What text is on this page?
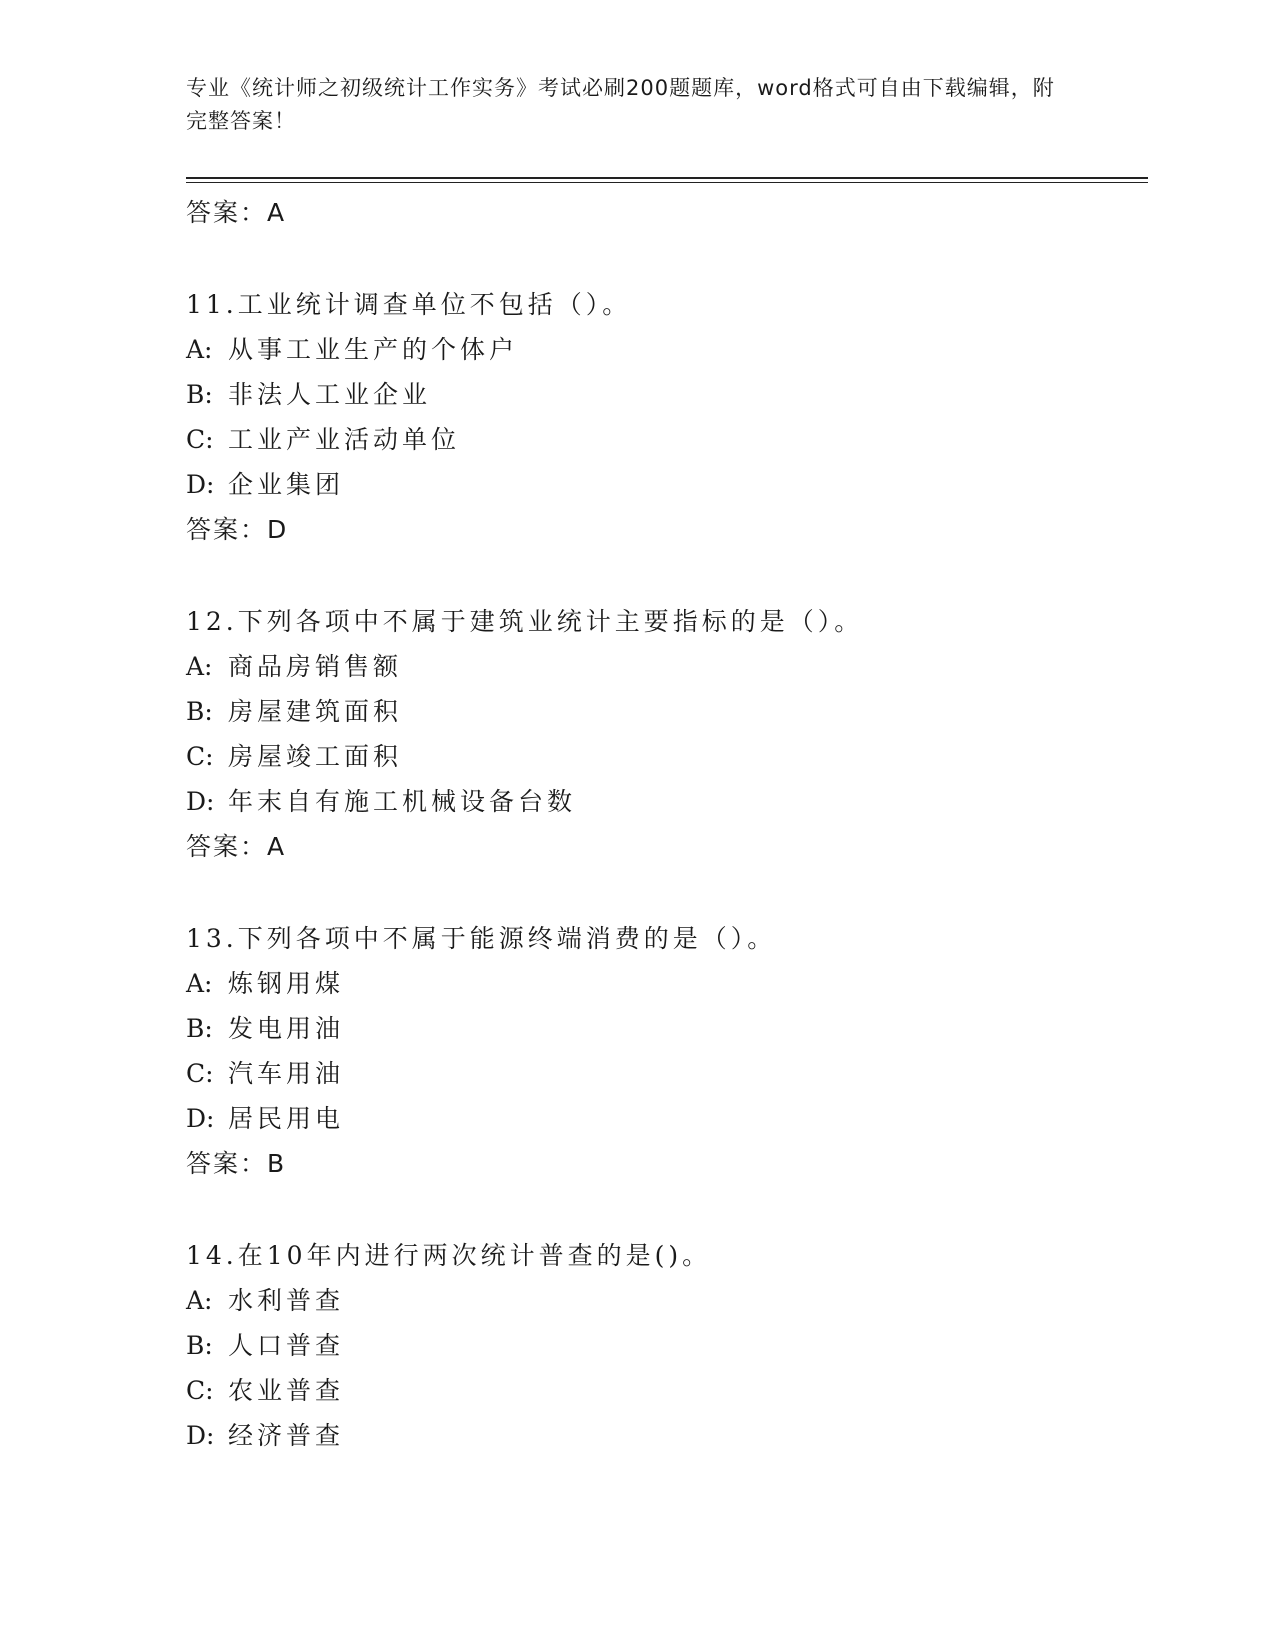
专业《统计师之初级统计工作实务》考试必刷200题题库，word格式可自由下载编辑，附完整答案！
答案：A
11.工业统计调查单位不包括（）。
A: 从事工业生产的个体户
B: 非法人工业企业
C: 工业产业活动单位
D: 企业集团
答案：D
12.下列各项中不属于建筑业统计主要指标的是（）。
A: 商品房销售额
B: 房屋建筑面积
C: 房屋竣工面积
D: 年末自有施工机械设备台数
答案：A
13.下列各项中不属于能源终端消费的是（）。
A: 炼钢用煤
B: 发电用油
C: 汽车用油
D: 居民用电
答案：B
14.在10年内进行两次统计普查的是()。
A: 水利普查
B: 人口普查
C: 农业普查
D: 经济普查
